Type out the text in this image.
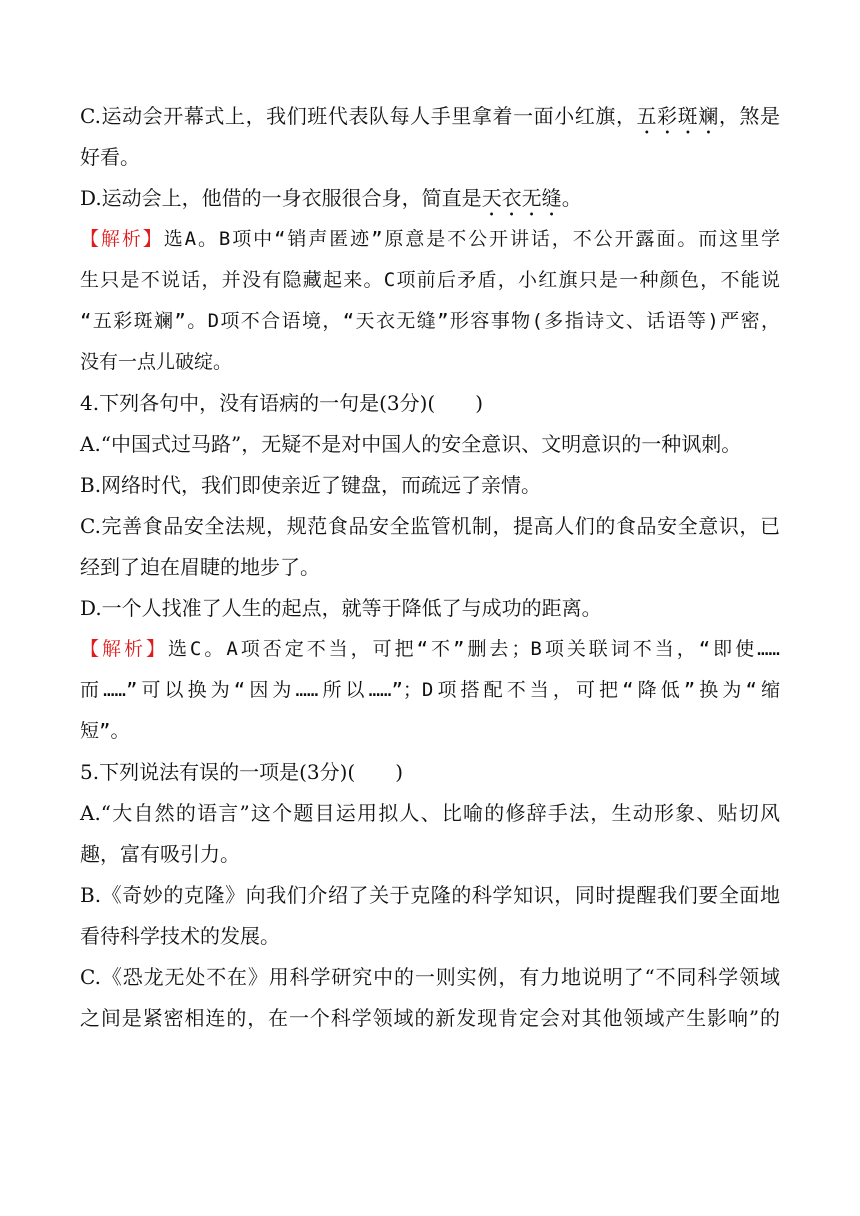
C.运动会开幕式上，我们班代表队每人手里拿着一面小红旗，五彩斑斓，煞是
好看。
D.运动会上，他借的一身衣服很合身，简直是天衣无缝。
【解析】选A。B项中“销声匿迹”原意是不公开讲话，不公开露面。而这里学
生只是不说话，并没有隐藏起来。C项前后矛盾，小红旗只是一种颜色，不能说
“五彩斑斓”。D项不合语境，“天衣无缝”形容事物(多指诗文、话语等)严密，
没有一点儿破绽。
4.下列各句中，没有语病的一句是(3分)(　　)
A.“中国式过马路”，无疑不是对中国人的安全意识、文明意识的一种讽刺。
B.网络时代，我们即使亲近了键盘，而疏远了亲情。
C.完善食品安全法规，规范食品安全监管机制，提高人们的食品安全意识，已
经到了迫在眉睫的地步了。
D.一个人找准了人生的起点，就等于降低了与成功的距离。
【解析】选C。A项否定不当，可把“不”删去；B项关联词不当，“即使……
而……”可以换为“因为……所以……”；D项搭配不当，可把“降低”换为“缩
短”。
5.下列说法有误的一项是(3分)(　　)
A.“大自然的语言”这个题目运用拟人、比喻的修辞手法，生动形象、贴切风
趣，富有吸引力。
B.《奇妙的克隆》向我们介绍了关于克隆的科学知识，同时提醒我们要全面地
看待科学技术的发展。
C.《恐龙无处不在》用科学研究中的一则实例，有力地说明了“不同科学领域
之间是紧密相连的，在一个科学领域的新发现肯定会对其他领域产生影响”的
